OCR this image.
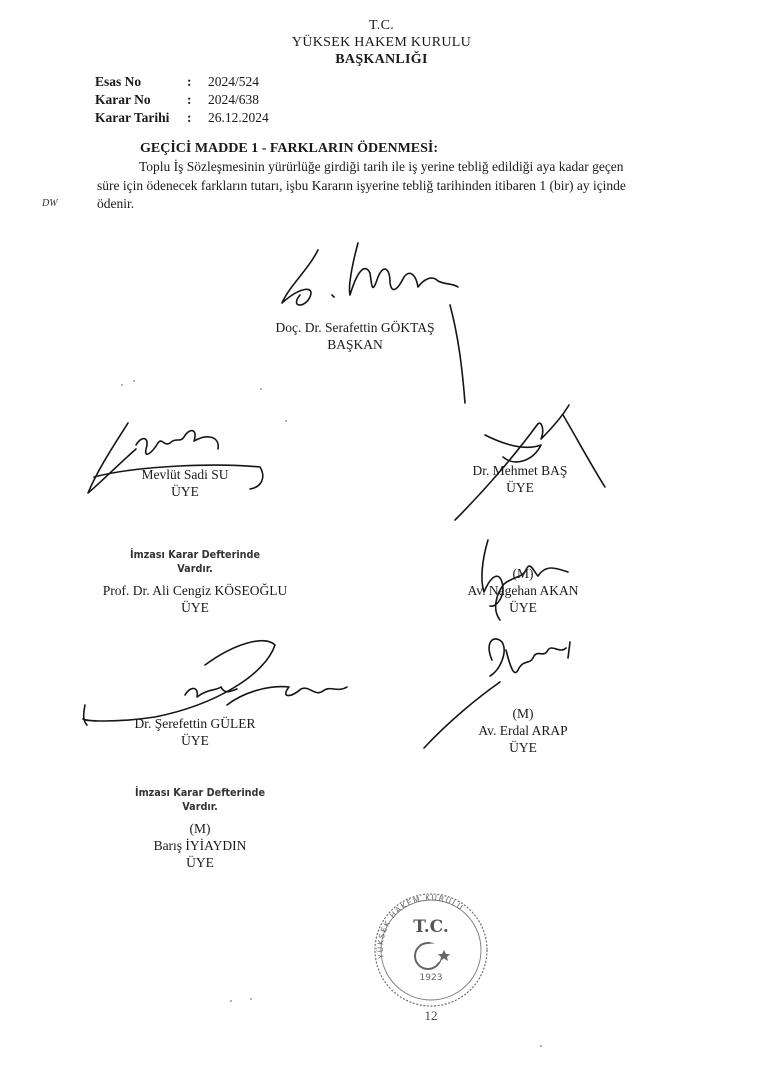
T.C.
YÜKSEK HAKEM KURULU
BAŞKANLIĞI
Esas No	: 2024/524
Karar No	: 2024/638
Karar Tarihi : 26.12.2024
GEÇİCİ MADDE 1 - FARKLARIN ÖDENMESİ:
Toplu İş Sözleşmesinin yürürlüğe girdiği tarih ile iş yerine tebliğ edildiği aya kadar geçen
süre için ödenecek farkların tutarı, işbu Kararın işyerine tebliğ tarihinden itibaren 1 (bir) ay içinde
ödenir.
DW
Doç. Dr. Serafettin GÖKTAŞ
BAŞKAN
Mevlüt Sadi SU
ÜYE
Dr. Mehmet BAŞ
ÜYE
İmzası Karar Defterinde
Vardır.
Prof. Dr. Ali Cengiz KÖSEOĞLU
ÜYE
(M)
Av. Nagehan AKAN
ÜYE
Dr. Şerefettin GÜLER
ÜYE
(M)
Av. Erdal ARAP
ÜYE
İmzası Karar Defterinde
Vardır.
(M)
Barış İYİAYDIN
ÜYE
T.C.
1923
YÜKSEK HAKEM KURULU
12
